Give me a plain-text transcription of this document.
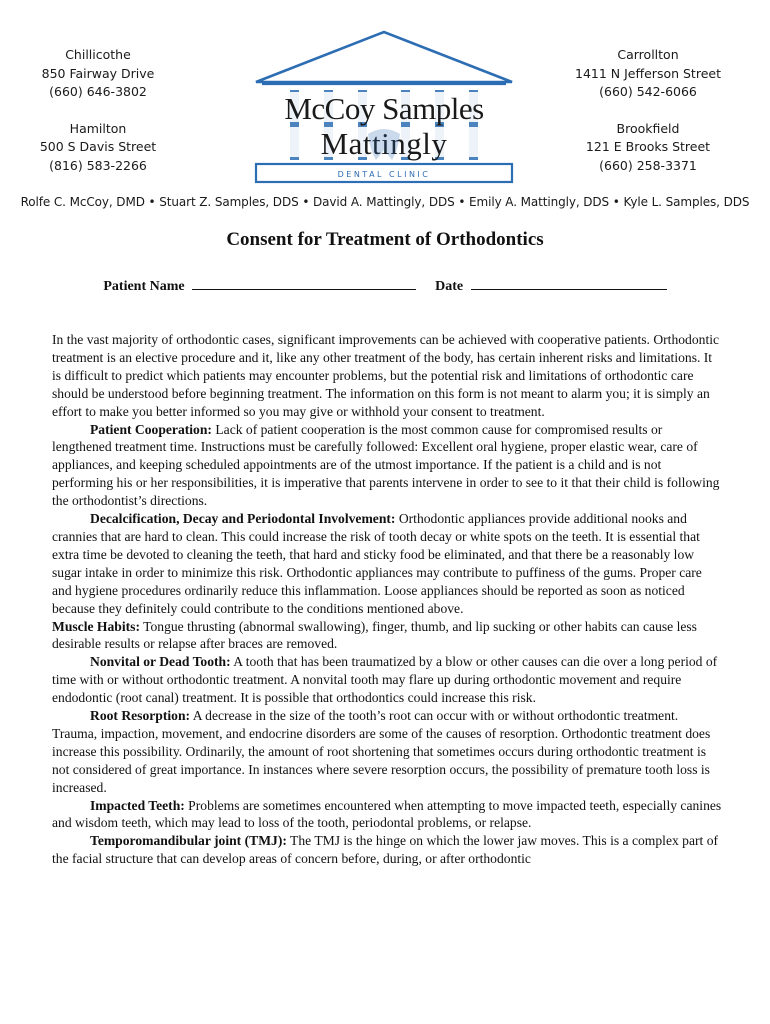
Chillicothe
850 Fairway Drive
(660) 646-3802
Hamilton
500 S Davis Street
(816) 583-2266
McCoy Samples
Mattingly
DENTAL CLINIC
Carrollton
1411 N Jefferson Street
(660) 542-6066
Brookfield
121 E Brooks Street
(660) 258-3371
Rolfe C. McCoy, DMD • Stuart Z. Samples, DDS • David A. Mattingly, DDS • Emily A. Mattingly, DDS • Kyle L. Samples, DDS
Consent for Treatment of Orthodontics
Patient Name	Date

In the vast majority of orthodontic cases, significant improvements can be achieved with cooperative patients. Orthodontic treatment is an elective procedure and it, like any other treatment of the body, has certain inherent risks and limitations. It is difficult to predict which patients may encounter problems, but the potential risk and limitations of orthodontic care should be understood before beginning treatment. The information on this form is not meant to alarm you; it is simply an effort to make you better informed so you may give or withhold your consent to treatment.

Patient Cooperation: Lack of patient cooperation is the most common cause for compromised results or lengthened treatment time. Instructions must be carefully followed: Excellent oral hygiene, proper elastic wear, care of appliances, and keeping scheduled appointments are of the utmost importance. If the patient is a child and is not performing his or her responsibilities, it is imperative that parents intervene in order to see to it that their child is following the orthodontist’s directions.

Decalcification, Decay and Periodontal Involvement: Orthodontic appliances provide additional nooks and crannies that are hard to clean. This could increase the risk of tooth decay or white spots on the teeth. It is essential that extra time be devoted to cleaning the teeth, that hard and sticky food be eliminated, and that there be a reasonably low sugar intake in order to minimize this risk. Orthodontic appliances may contribute to puffiness of the gums. Proper care and hygiene procedures ordinarily reduce this inflammation. Loose appliances should be reported as soon as noticed because they definitely could contribute to the conditions mentioned above.

Muscle Habits: Tongue thrusting (abnormal swallowing), finger, thumb, and lip sucking or other habits can cause less desirable results or relapse after braces are removed.

Nonvital or Dead Tooth: A tooth that has been traumatized by a blow or other causes can die over a long period of time with or without orthodontic treatment. A nonvital tooth may flare up during orthodontic movement and require endodontic (root canal) treatment. It is possible that orthodontics could increase this risk.

Root Resorption: A decrease in the size of the tooth’s root can occur with or without orthodontic treatment. Trauma, impaction, movement, and endocrine disorders are some of the causes of resorption. Orthodontic treatment does increase this possibility. Ordinarily, the amount of root shortening that sometimes occurs during orthodontic treatment is not considered of great importance. In instances where severe resorption occurs, the possibility of premature tooth loss is increased.

Impacted Teeth: Problems are sometimes encountered when attempting to move impacted teeth, especially canines and wisdom teeth, which may lead to loss of the tooth, periodontal problems, or relapse.

Temporomandibular joint (TMJ): The TMJ is the hinge on which the lower jaw moves. This is a complex part of the facial structure that can develop areas of concern before, during, or after orthodontic
